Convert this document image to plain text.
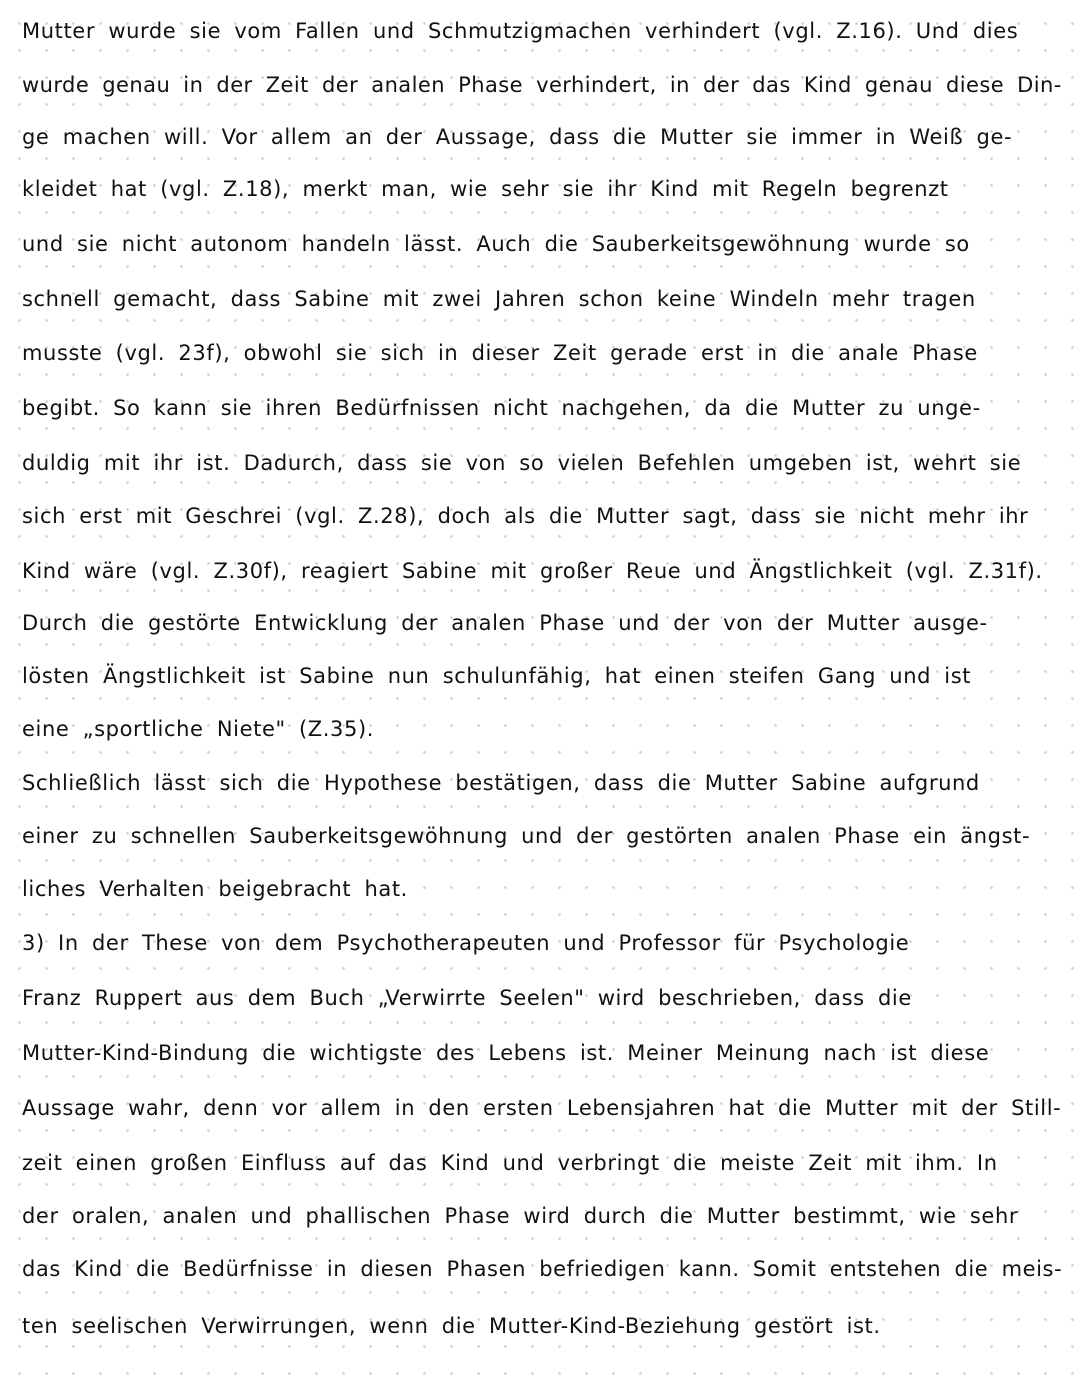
Mutter wurde sie vom Fallen und Schmutzigmachen verhindert (vgl. Z.16). Und dies
wurde genau in der Zeit der analen Phase verhindert, in der das Kind genau diese Din-
ge machen will. Vor allem an der Aussage, dass die Mutter sie immer in Weiß ge-
kleidet hat (vgl. Z.18), merkt man, wie sehr sie ihr Kind mit Regeln begrenzt
und sie nicht autonom handeln lässt. Auch die Sauberkeitsgewöhnung wurde so
schnell gemacht, dass Sabine mit zwei Jahren schon keine Windeln mehr tragen
musste (vgl. 23f), obwohl sie sich in dieser Zeit gerade erst in die anale Phase
begibt. So kann sie ihren Bedürfnissen nicht nachgehen, da die Mutter zu unge-
duldig mit ihr ist. Dadurch, dass sie von so vielen Befehlen umgeben ist, wehrt sie
sich erst mit Geschrei (vgl. Z.28), doch als die Mutter sagt, dass sie nicht mehr ihr
Kind wäre (vgl. Z.30f), reagiert Sabine mit großer Reue und Ängstlichkeit (vgl. Z.31f).
Durch die gestörte Entwicklung der analen Phase und der von der Mutter ausge-
lösten Ängstlichkeit ist Sabine nun schulunfähig, hat einen steifen Gang und ist
eine „sportliche Niete" (Z.35).
Schließlich lässt sich die Hypothese bestätigen, dass die Mutter Sabine aufgrund
einer zu schnellen Sauberkeitsgewöhnung und der gestörten analen Phase ein ängst-
liches Verhalten beigebracht hat.
3) In der These von dem Psychotherapeuten und Professor für Psychologie
Franz Ruppert aus dem Buch „Verwirrte Seelen" wird beschrieben, dass die
Mutter-Kind-Bindung die wichtigste des Lebens ist. Meiner Meinung nach ist diese
Aussage wahr, denn vor allem in den ersten Lebensjahren hat die Mutter mit der Still-
zeit einen großen Einfluss auf das Kind und verbringt die meiste Zeit mit ihm. In
der oralen, analen und phallischen Phase wird durch die Mutter bestimmt, wie sehr
das Kind die Bedürfnisse in diesen Phasen befriedigen kann. Somit entstehen die meis-
ten seelischen Verwirrungen, wenn die Mutter-Kind-Beziehung gestört ist.
